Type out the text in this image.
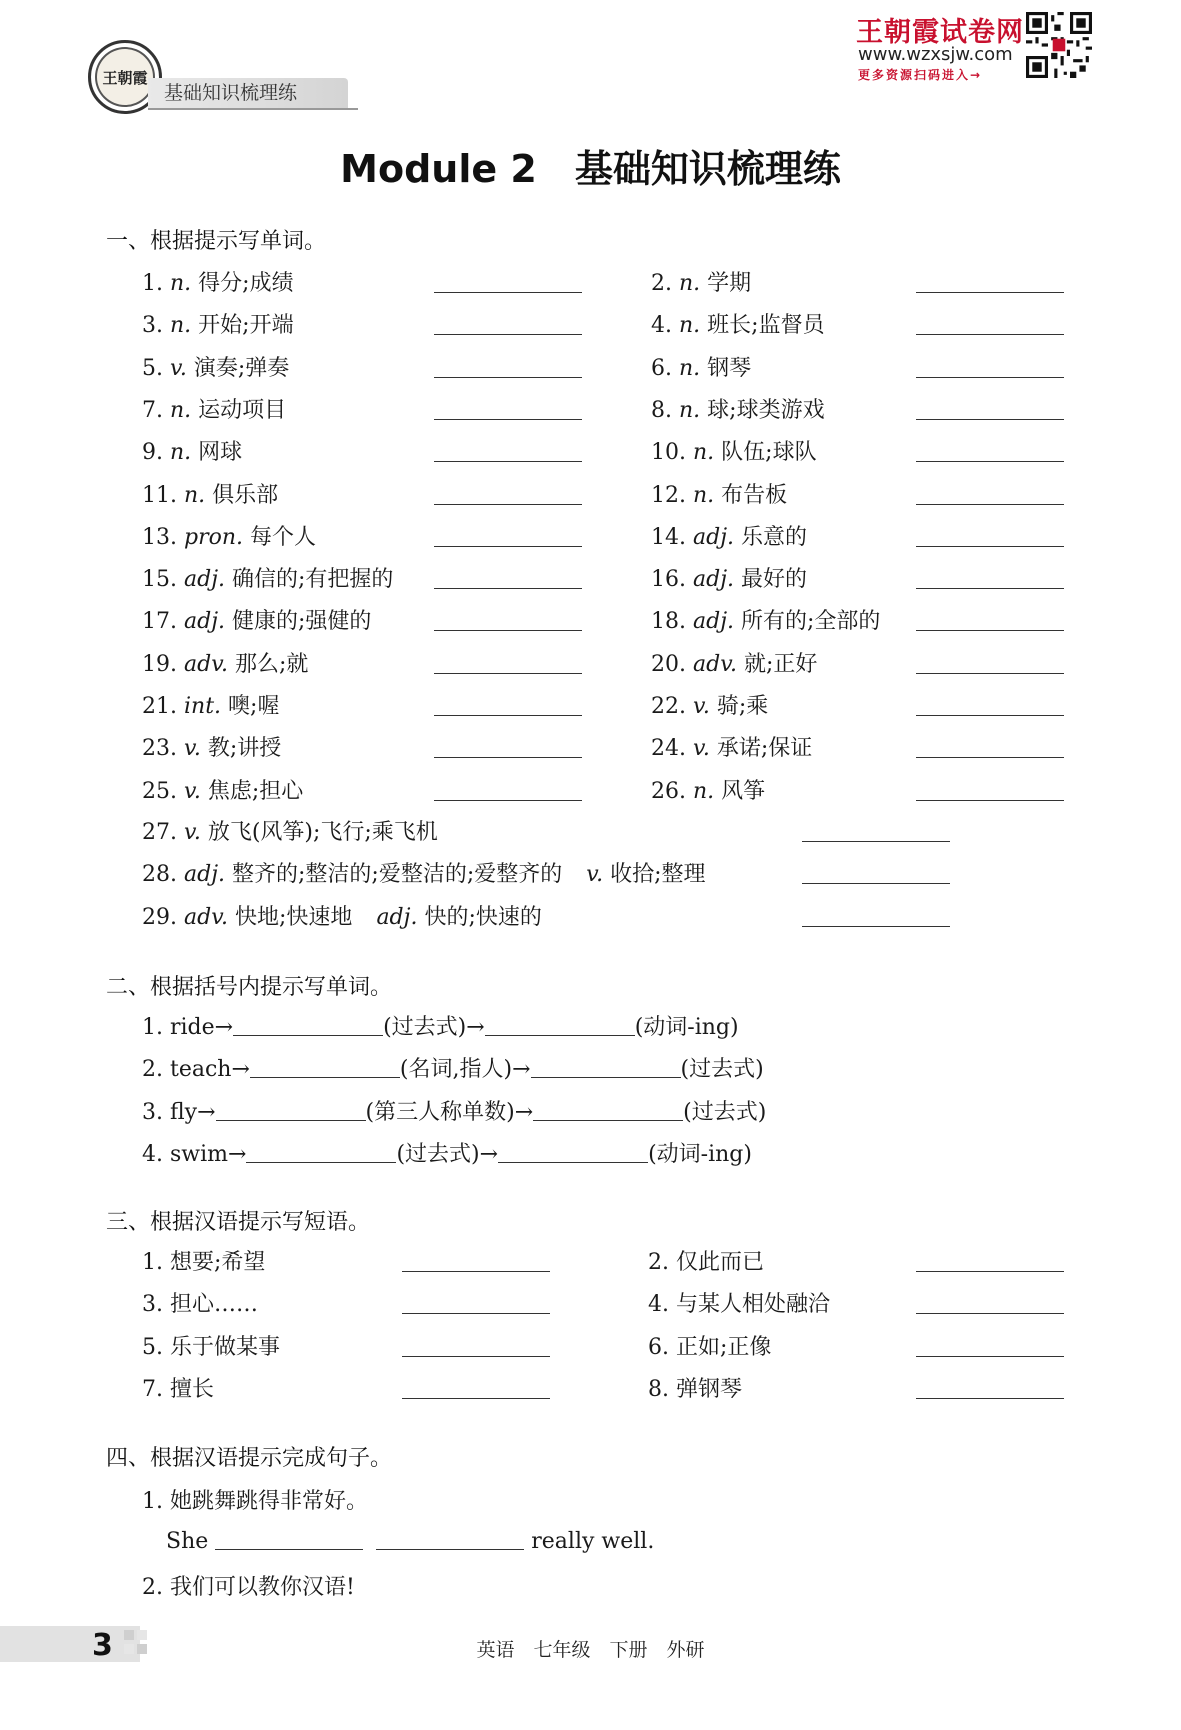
王朝霞
基础知识梳理练
王朝霞试卷网
www.wzxsjw.com
更多资源扫码进入→
Module 2　基础知识梳理练
一、根据提示写单词。
1. n. 得分;成绩	2. n. 学期
3. n. 开始;开端	4. n. 班长;监督员
5. v. 演奏;弹奏	6. n. 钢琴
7. n. 运动项目	8. n. 球;球类游戏
9. n. 网球	10. n. 队伍;球队
11. n. 俱乐部	12. n. 布告板
13. pron. 每个人	14. adj. 乐意的
15. adj. 确信的;有把握的	16. adj. 最好的
17. adj. 健康的;强健的	18. adj. 所有的;全部的
19. adv. 那么;就	20. adv. 就;正好
21. int. 噢;喔	22. v. 骑;乘
23. v. 教;讲授	24. v. 承诺;保证
25. v. 焦虑;担心	26. n. 风筝
27. v. 放飞(风筝);飞行;乘飞机
28. adj. 整齐的;整洁的;爱整洁的;爱整齐的 v. 收拾;整理
29. adv. 快地;快速地 adj. 快的;快速的
二、根据括号内提示写单词。
1. ride→	(过去式)→	(动词-ing)
2. teach→	(名词,指人)→	(过去式)
3. fly→	(第三人称单数)→	(过去式)
4. swim→	(过去式)→	(动词-ing)
三、根据汉语提示写短语。
1. 想要;希望	2. 仅此而已
3. 担心……	4. 与某人相处融洽
5. 乐于做某事	6. 正如;正像
7. 擅长	8. 弹钢琴
四、根据汉语提示完成句子。
1. 她跳舞跳得非常好。
She	really well.
2. 我们可以教你汉语!
3	英语　七年级　下册　外研
